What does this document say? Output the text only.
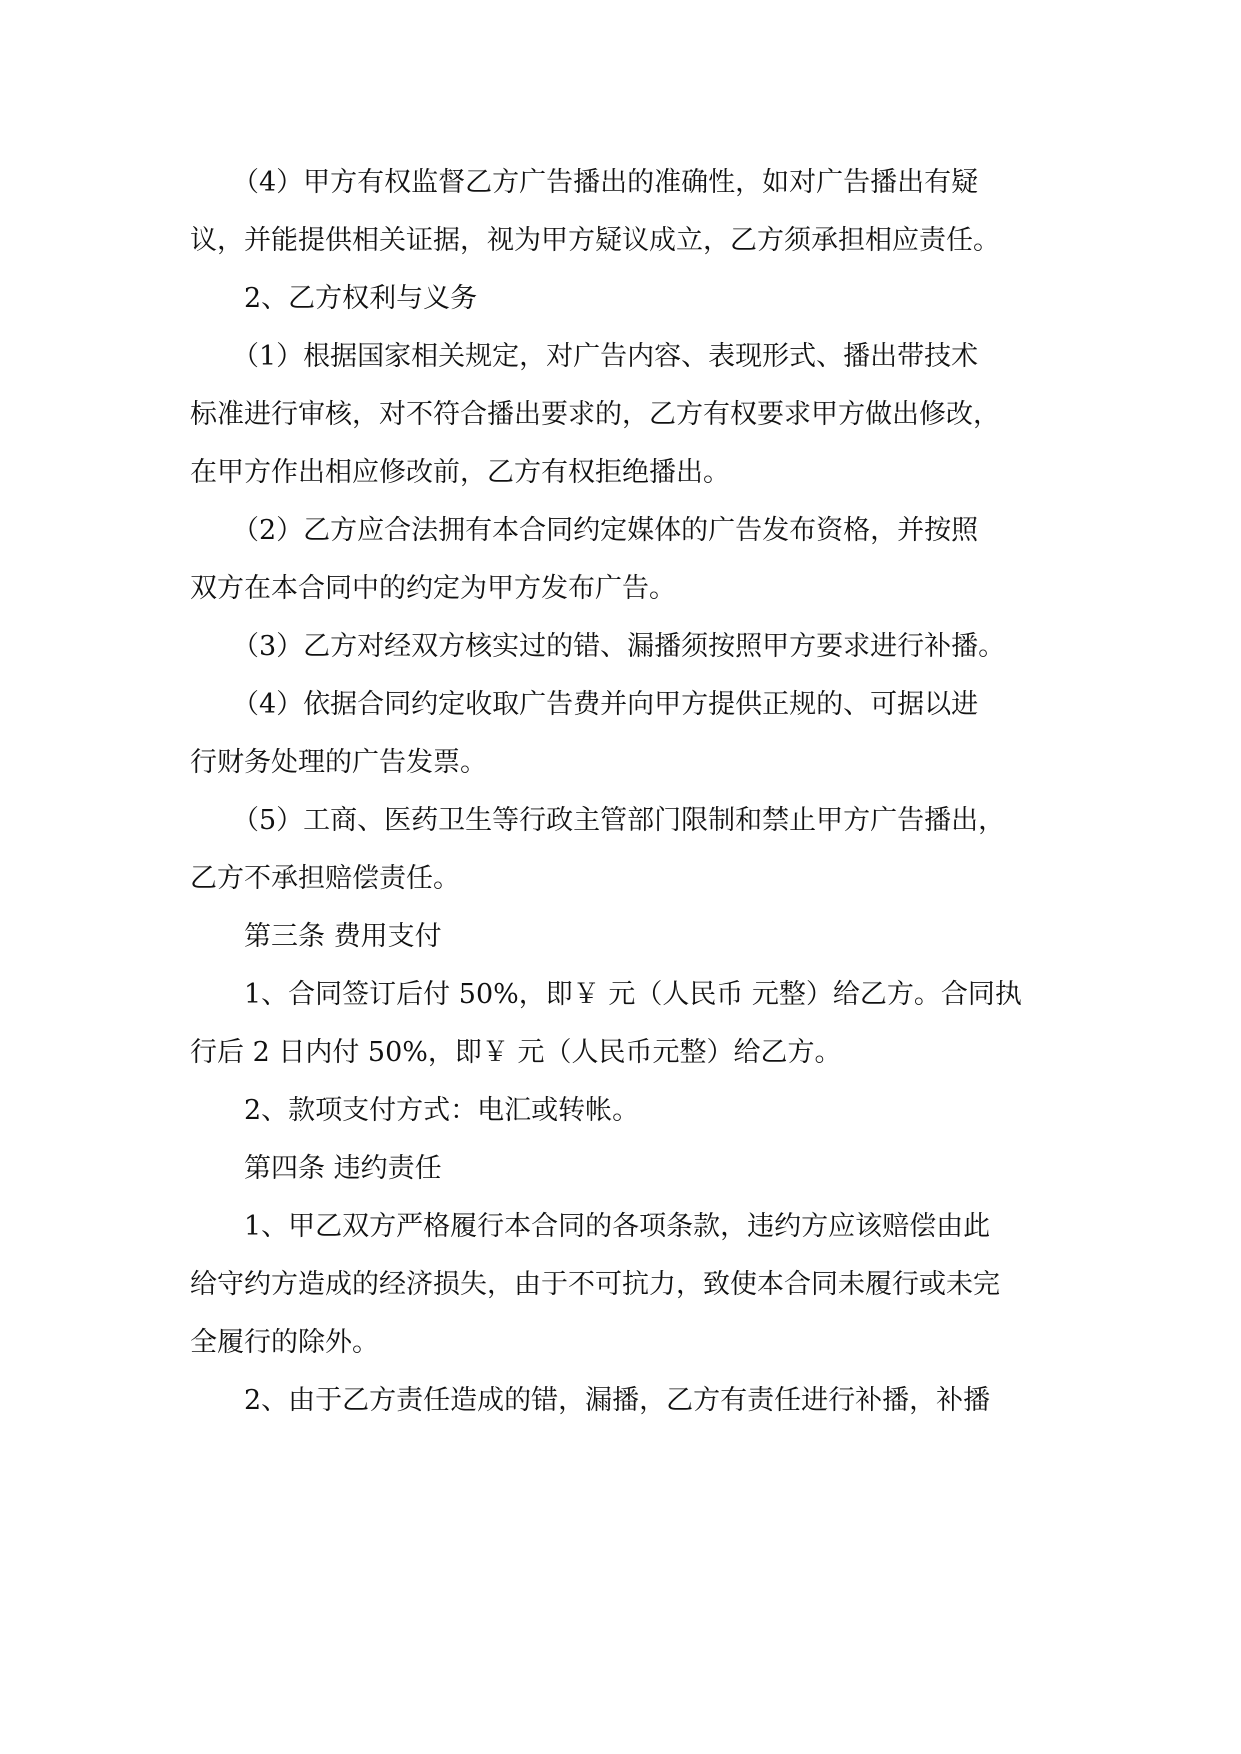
（4）甲方有权监督乙方广告播出的准确性，如对广告播出有疑
议，并能提供相关证据，视为甲方疑议成立，乙方须承担相应责任。
2、乙方权利与义务
（1）根据国家相关规定，对广告内容、表现形式、播出带技术
标准进行审核，对不符合播出要求的，乙方有权要求甲方做出修改，
在甲方作出相应修改前，乙方有权拒绝播出。
（2）乙方应合法拥有本合同约定媒体的广告发布资格，并按照
双方在本合同中的约定为甲方发布广告。
（3）乙方对经双方核实过的错、漏播须按照甲方要求进行补播。
（4）依据合同约定收取广告费并向甲方提供正规的、可据以进
行财务处理的广告发票。
（5）工商、医药卫生等行政主管部门限制和禁止甲方广告播出，
乙方不承担赔偿责任。
第三条 费用支付
1、合同签订后付 50%，即￥ 元（人民币 元整）给乙方。合同执
行后 2 日内付 50%，即￥ 元（人民币元整）给乙方。
2、款项支付方式：电汇或转帐。
第四条 违约责任
1、甲乙双方严格履行本合同的各项条款，违约方应该赔偿由此
给守约方造成的经济损失，由于不可抗力，致使本合同未履行或未完
全履行的除外。
2、由于乙方责任造成的错，漏播，乙方有责任进行补播，补播
